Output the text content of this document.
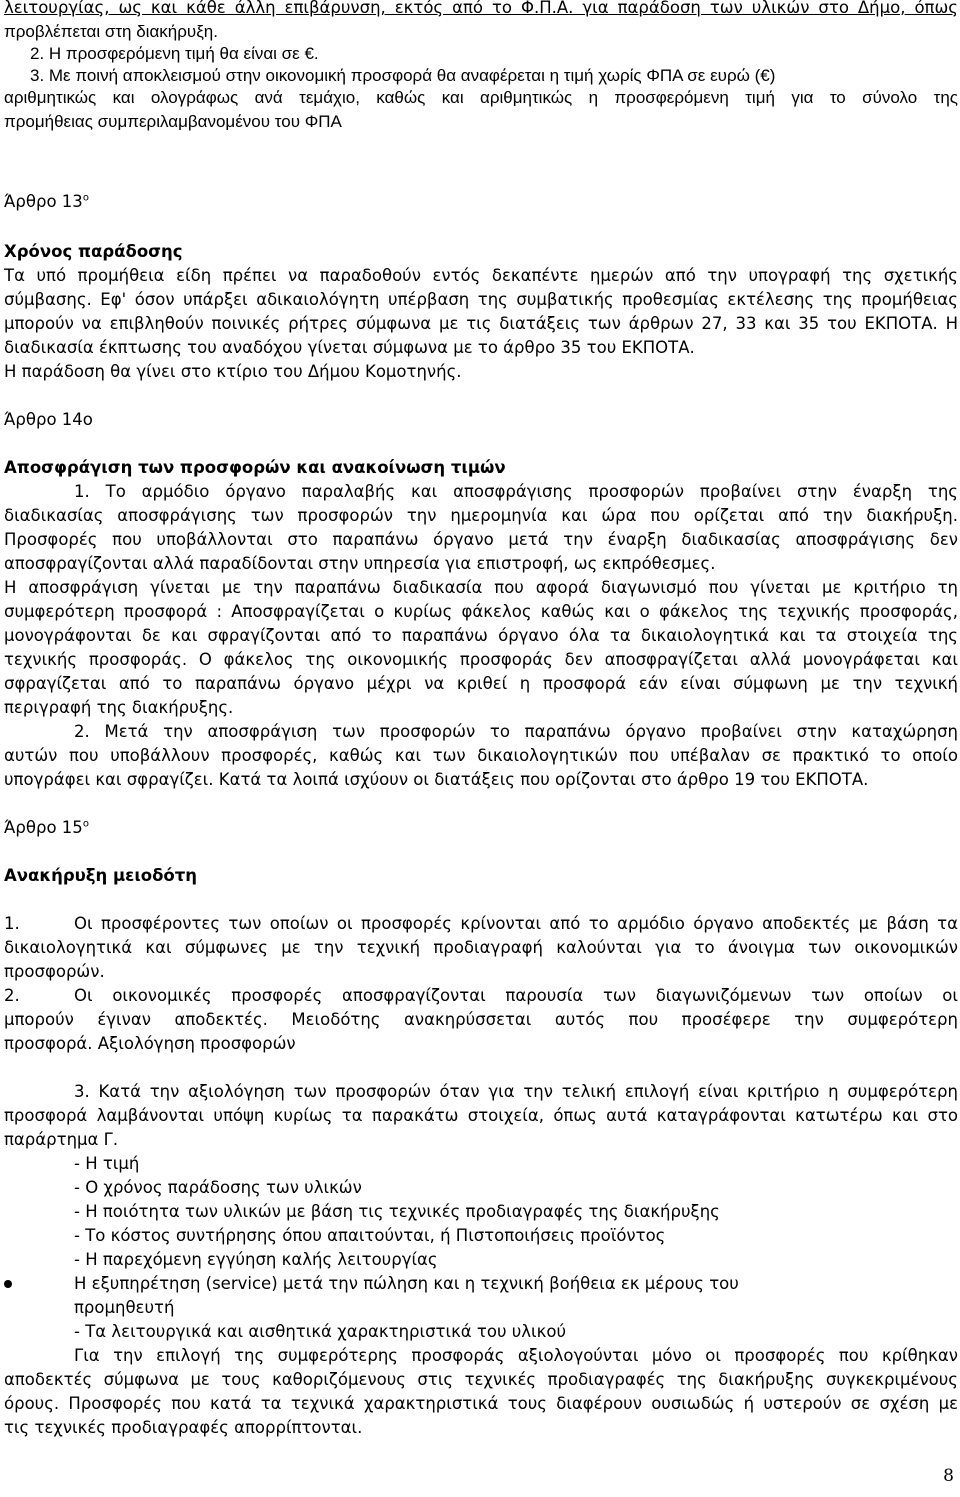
λειτουργίας, ως και κάθε άλλη επιβάρυνση, εκτός από το Φ.Π.Α. για παράδοση των υλικών στο Δήμο, όπως
προβλέπεται στη διακήρυξη.
2. Η προσφερόμενη τιμή θα είναι σε €.
3. Με ποινή αποκλεισμού στην οικονομική προσφορά θα αναφέρεται η τιμή χωρίς ΦΠΑ σε ευρώ (€)
αριθμητικώς και ολογράφως ανά τεμάχιο, καθώς και αριθμητικώς η προσφερόμενη τιμή για το σύνολο της
προμήθειας συμπεριλαμβανομένου του ΦΠΑ
Άρθρο $13^o$
Χρόνος παράδοσης
Τα υπό προμήθεια είδη πρέπει να παραδοθούν εντός δεκαπέντε ημερών από την υπογραφή της σχετικής
σύμβασης. Εφ' όσον υπάρξει αδικαιολόγητη υπέρβαση της συμβατικής προθεσμίας εκτέλεσης της προμήθειας
μπορούν να επιβληθούν ποινικές ρήτρες σύμφωνα με τις διατάξεις των άρθρων 27, 33 και 35 του ΕΚΠΟΤΑ. Η
διαδικασία έκπτωσης του αναδόχου γίνεται σύμφωνα με το άρθρο 35 του ΕΚΠΟΤΑ.
Η παράδοση θα γίνει στο κτίριο του Δήμου Κομοτηνής.
Άρθρο 14ο
Αποσφράγιση των προσφορών και ανακοίνωση τιμών
1. Το αρμόδιο όργανο παραλαβής και αποσφράγισης προσφορών προβαίνει στην έναρξη της
διαδικασίας αποσφράγισης των προσφορών την ημερομηνία και ώρα που ορίζεται από την διακήρυξη.
Προσφορές που υποβάλλονται στο παραπάνω όργανο μετά την έναρξη διαδικασίας αποσφράγισης δεν
αποσφραγίζονται αλλά παραδίδονται στην υπηρεσία για επιστροφή, ως εκπρόθεσμες.
Η αποσφράγιση γίνεται με την παραπάνω διαδικασία που αφορά διαγωνισμό που γίνεται με κριτήριο τη
συμφερότερη προσφορά : Αποσφραγίζεται ο κυρίως φάκελος καθώς και ο φάκελος της τεχνικής προσφοράς,
μονογράφονται δε και σφραγίζονται από το παραπάνω όργανο όλα τα δικαιολογητικά και τα στοιχεία της
τεχνικής προσφοράς. Ο φάκελος της οικονομικής προσφοράς δεν αποσφραγίζεται αλλά μονογράφεται και
σφραγίζεται από το παραπάνω όργανο μέχρι να κριθεί η προσφορά εάν είναι σύμφωνη με την τεχνική
περιγραφή της διακήρυξης.
2. Μετά την αποσφράγιση των προσφορών το παραπάνω όργανο προβαίνει στην καταχώρηση
αυτών που υποβάλλουν προσφορές, καθώς και των δικαιολογητικών που υπέβαλαν σε πρακτικό το οποίο
υπογράφει και σφραγίζει. Κατά τα λοιπά ισχύουν οι διατάξεις που ορίζονται στο άρθρο 19 του ΕΚΠΟΤΑ.
Άρθρο $15^o$
Ανακήρυξη μειοδότη
1.	Οι προσφέροντες των οποίων οι προσφορές κρίνονται από το αρμόδιο όργανο αποδεκτές με βάση τα
δικαιολογητικά και σύμφωνες με την τεχνική προδιαγραφή καλούνται για το άνοιγμα των οικονομικών
προσφορών.
2.	Οι οικονομικές προσφορές αποσφραγίζονται παρουσία των διαγωνιζόμενων των οποίων οι
μπορούν έγιναν αποδεκτές. Μειοδότης ανακηρύσσεται αυτός που προσέφερε την συμφερότερη
προσφορά. Αξιολόγηση προσφορών
3. Κατά την αξιολόγηση των προσφορών όταν για την τελική επιλογή είναι κριτήριο η συμφερότερη
προσφορά λαμβάνονται υπόψη κυρίως τα παρακάτω στοιχεία, όπως αυτά καταγράφονται κατωτέρω και στο
παράρτημα Γ.
- Η τιμή
- Ο χρόνος παράδοσης των υλικών
- Η ποιότητα των υλικών με βάση τις τεχνικές προδιαγραφές της διακήρυξης
- Το κόστος συντήρησης όπου απαιτούνται, ή Πιστοποιήσεις προϊόντος
- Η παρεχόμενη εγγύηση καλής λειτουργίας
Η εξυπηρέτηση (service) μετά την πώληση και η τεχνική βοήθεια εκ μέρους του
προμηθευτή
- Τα λειτουργικά και αισθητικά χαρακτηριστικά του υλικού
Για την επιλογή της συμφερότερης προσφοράς αξιολογούνται μόνο οι προσφορές που κρίθηκαν
αποδεκτές σύμφωνα με τους καθοριζόμενους στις τεχνικές προδιαγραφές της διακήρυξης συγκεκριμένους
όρους. Προσφορές που κατά τα τεχνικά χαρακτηριστικά τους διαφέρουν ουσιωδώς ή υστερούν σε σχέση με
τις τεχνικές προδιαγραφές απορρίπτονται.
8
